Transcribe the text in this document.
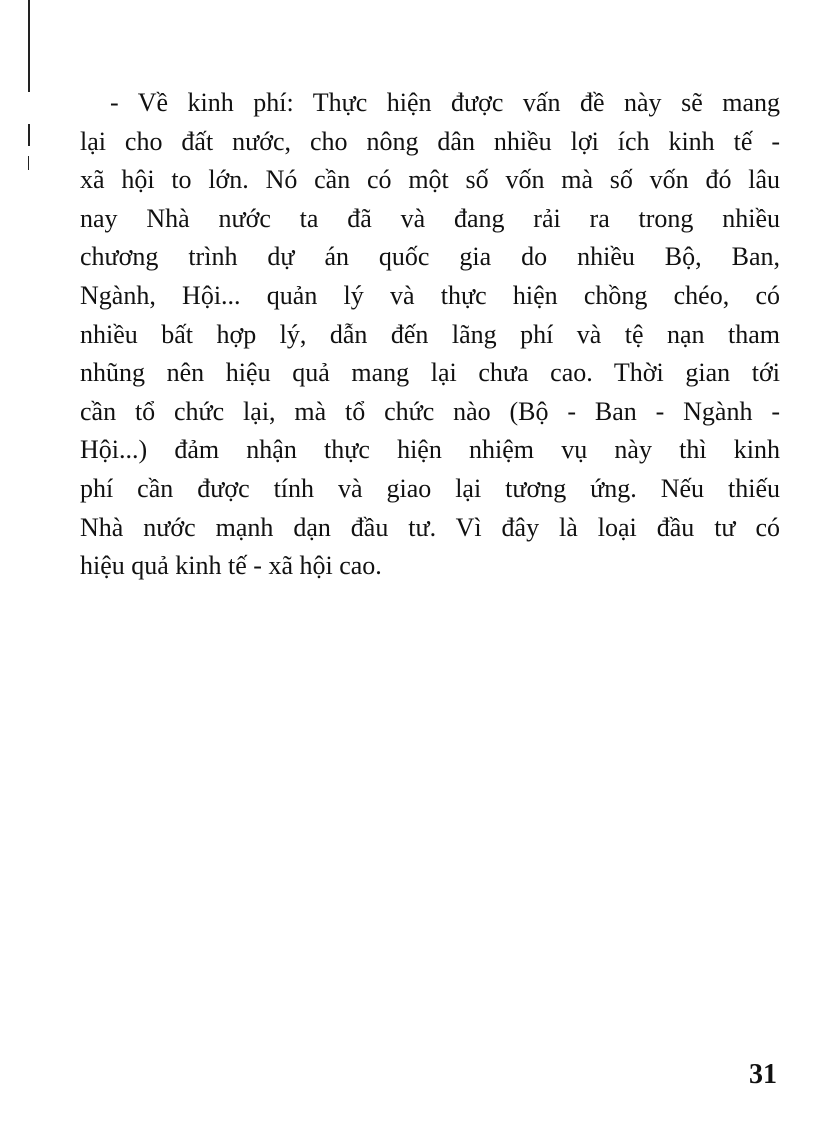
- Về kinh phí: Thực hiện được vấn đề này sẽ mang
lại cho đất nước, cho nông dân nhiều lợi ích kinh tế -
xã hội to lớn. Nó cần có một số vốn mà số vốn đó lâu
nay Nhà nước ta đã và đang rải ra trong nhiều
chương trình dự án quốc gia do nhiều Bộ, Ban,
Ngành, Hội... quản lý và thực hiện chồng chéo, có
nhiều bất hợp lý, dẫn đến lãng phí và tệ nạn tham
nhũng nên hiệu quả mang lại chưa cao. Thời gian tới
cần tổ chức lại, mà tổ chức nào (Bộ - Ban - Ngành -
Hội...) đảm nhận thực hiện nhiệm vụ này thì kinh
phí cần được tính và giao lại tương ứng. Nếu thiếu
Nhà nước mạnh dạn đầu tư. Vì đây là loại đầu tư có
hiệu quả kinh tế - xã hội cao.

31
